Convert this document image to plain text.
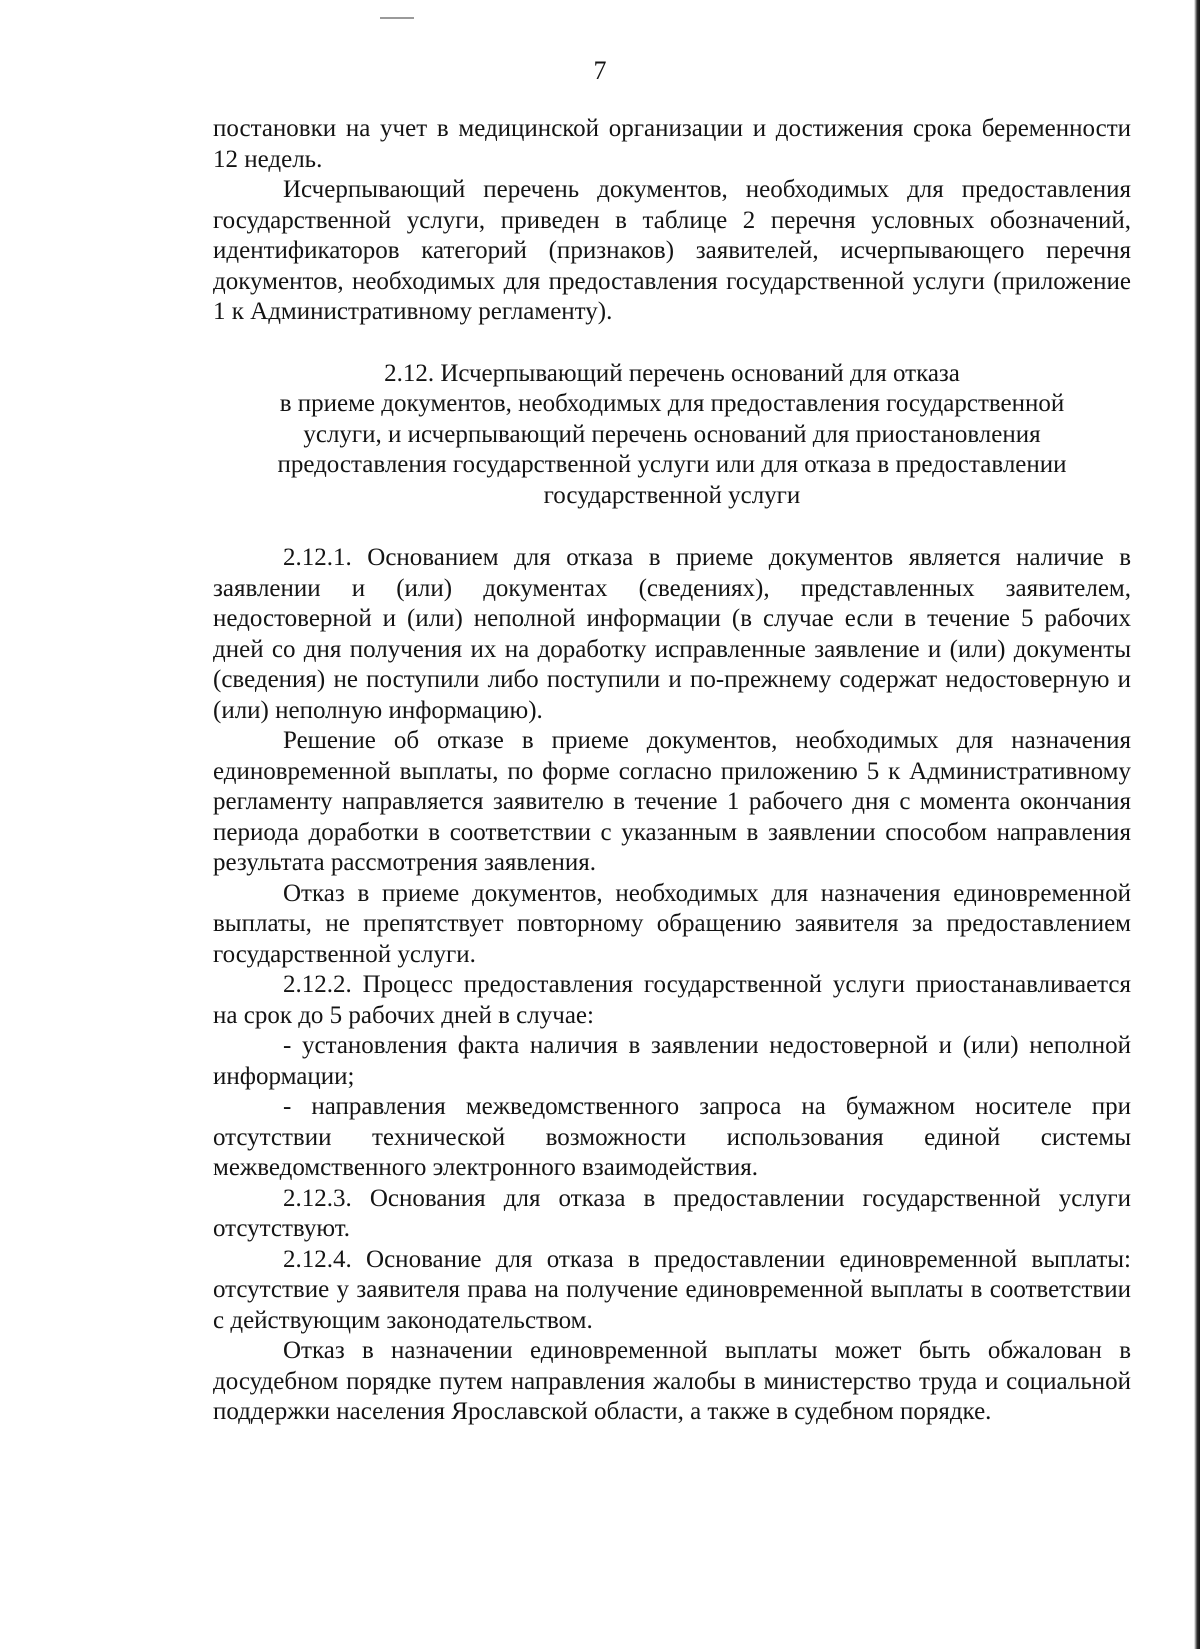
7

постановки на учет в медицинской организации и достижения срока беременности 12 недель.

Исчерпывающий перечень документов, необходимых для предоставления государственной услуги, приведен в таблице 2 перечня условных обозначений, идентификаторов категорий (признаков) заявителей, исчерпывающего перечня документов, необходимых для предоставления государственной услуги (приложение 1 к Административному регламенту).

2.12. Исчерпывающий перечень оснований для отказа
в приеме документов, необходимых для предоставления государственной
услуги, и исчерпывающий перечень оснований для приостановления
предоставления государственной услуги или для отказа в предоставлении
государственной услуги

2.12.1. Основанием для отказа в приеме документов является наличие в заявлении и (или) документах (сведениях), представленных заявителем, недостоверной и (или) неполной информации (в случае если в течение 5 рабочих дней со дня получения их на доработку исправленные заявление и (или) документы (сведения) не поступили либо поступили и по-прежнему содержат недостоверную и (или) неполную информацию).

Решение об отказе в приеме документов, необходимых для назначения единовременной выплаты, по форме согласно приложению 5 к Административному регламенту направляется заявителю в течение 1 рабочего дня с момента окончания периода доработки в соответствии с указанным в заявлении способом направления результата рассмотрения заявления.

Отказ в приеме документов, необходимых для назначения единовременной выплаты, не препятствует повторному обращению заявителя за предоставлением государственной услуги.

2.12.2. Процесс предоставления государственной услуги приостанавливается на срок до 5 рабочих дней в случае:

- установления факта наличия в заявлении недостоверной и (или) неполной информации;

- направления межведомственного запроса на бумажном носителе при отсутствии технической возможности использования единой системы межведомственного электронного взаимодействия.

2.12.3. Основания для отказа в предоставлении государственной услуги отсутствуют.

2.12.4. Основание для отказа в предоставлении единовременной выплаты: отсутствие у заявителя права на получение единовременной выплаты в соответствии с действующим законодательством.

Отказ в назначении единовременной выплаты может быть обжалован в досудебном порядке путем направления жалобы в министерство труда и социальной поддержки населения Ярославской области, а также в судебном порядке.
